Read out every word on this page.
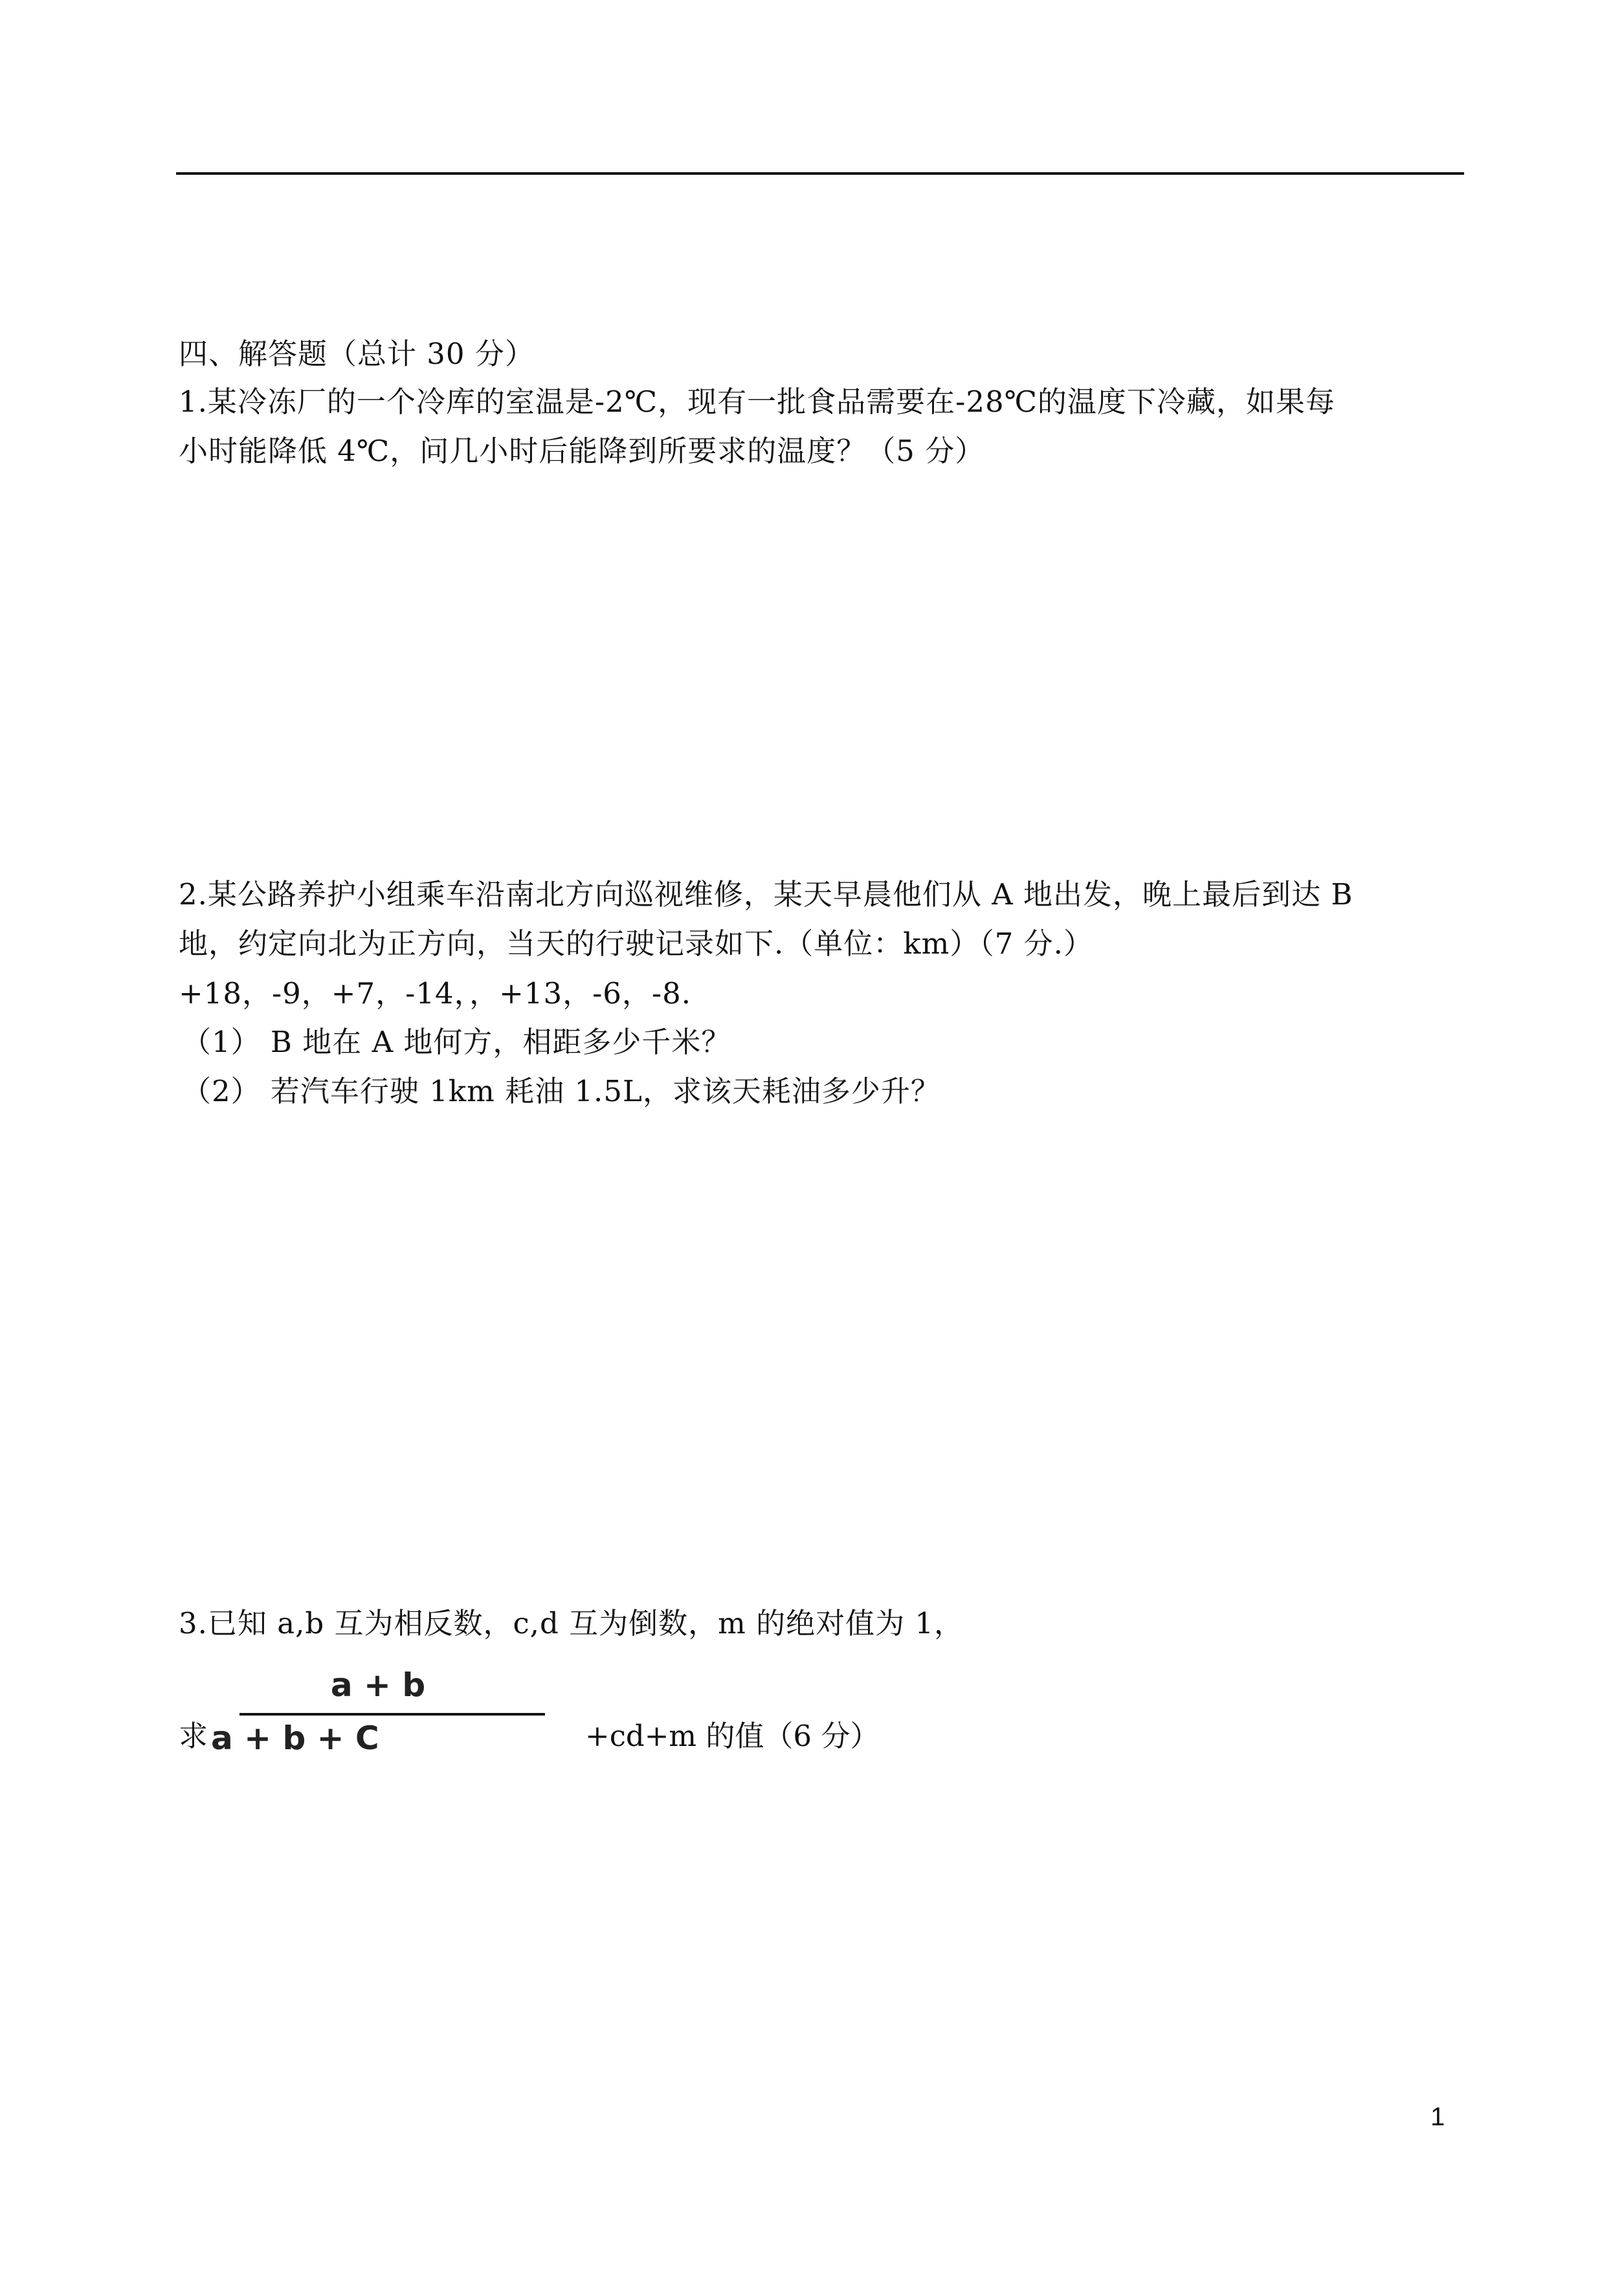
四、解答题（总计 30 分）
1.某冷冻厂的一个冷库的室温是-2℃，现有一批食品需要在-28℃的温度下冷藏，如果每
小时能降低 4℃，问几小时后能降到所要求的温度？（5 分）
2.某公路养护小组乘车沿南北方向巡视维修，某天早晨他们从 A 地出发，晚上最后到达 B
地，约定向北为正方向，当天的行驶记录如下.（单位：km）（7 分.）
+18，-9，+7，-14，，+13，-6，-8.
（1） B 地在 A 地何方，相距多少千米？
（2） 若汽车行驶 1km 耗油 1.5L，求该天耗油多少升？
3.已知 a,b 互为相反数，c,d 互为倒数，m 的绝对值为 1，
求
a + b
a + b + C	+cd+m 的值（6 分）
1
